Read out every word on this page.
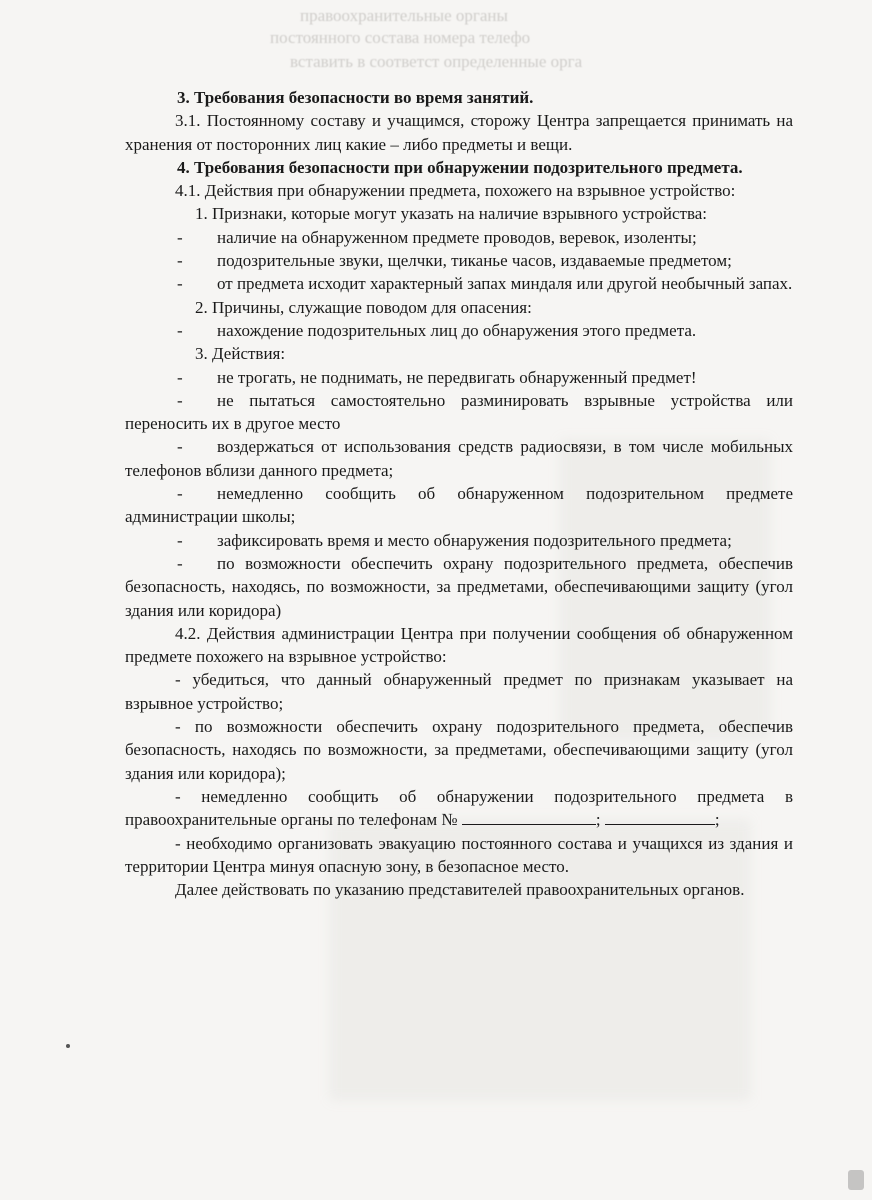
правоохранительные органы
постоянного состава номера телефо
вставить в соответст определенные орга

3. Требования безопасности во время занятий.

3.1. Постоянному составу и учащимся, сторожу Центра запрещается принимать на хранения от посторонних лиц какие – либо предметы и вещи.

4. Требования безопасности при обнаружении подозрительного предмета.

4.1. Действия при обнаружении предмета, похожего на взрывное устройство:

1. Признаки, которые могут указать на наличие взрывного устройства:

- наличие на обнаруженном предмете проводов, веревок, изоленты;

- подозрительные звуки, щелчки, тиканье часов, издаваемые предметом;

- от предмета исходит характерный запах миндаля или другой необычный запах.

2. Причины, служащие поводом для опасения:

- нахождение подозрительных лиц до обнаружения этого предмета.

3. Действия:

- не трогать, не поднимать, не передвигать обнаруженный предмет!

- не пытаться самостоятельно разминировать взрывные устройства или переносить их в другое место

- воздержаться от использования средств радиосвязи, в том числе мобильных телефонов вблизи данного предмета;

- немедленно сообщить об обнаруженном подозрительном предмете администрации школы;

- зафиксировать время и место обнаружения подозрительного предмета;

- по возможности обеспечить охрану подозрительного предмета, обеспечив безопасность, находясь, по возможности, за предметами, обеспечивающими защиту (угол здания или коридора)

4.2. Действия администрации Центра при получении сообщения об обнаруженном предмете похожего на взрывное устройство:

- убедиться, что данный обнаруженный предмет по признакам указывает на взрывное устройство;

- по возможности обеспечить охрану подозрительного предмета, обеспечив безопасность, находясь по возможности, за предметами, обеспечивающими защиту (угол здания или коридора);

- немедленно сообщить об обнаружении подозрительного предмета в правоохранительные органы по телефонам №	;	;

- необходимо организовать эвакуацию постоянного состава и учащихся из здания и территории Центра минуя опасную зону, в безопасное место.

Далее действовать по указанию представителей правоохранительных органов.
